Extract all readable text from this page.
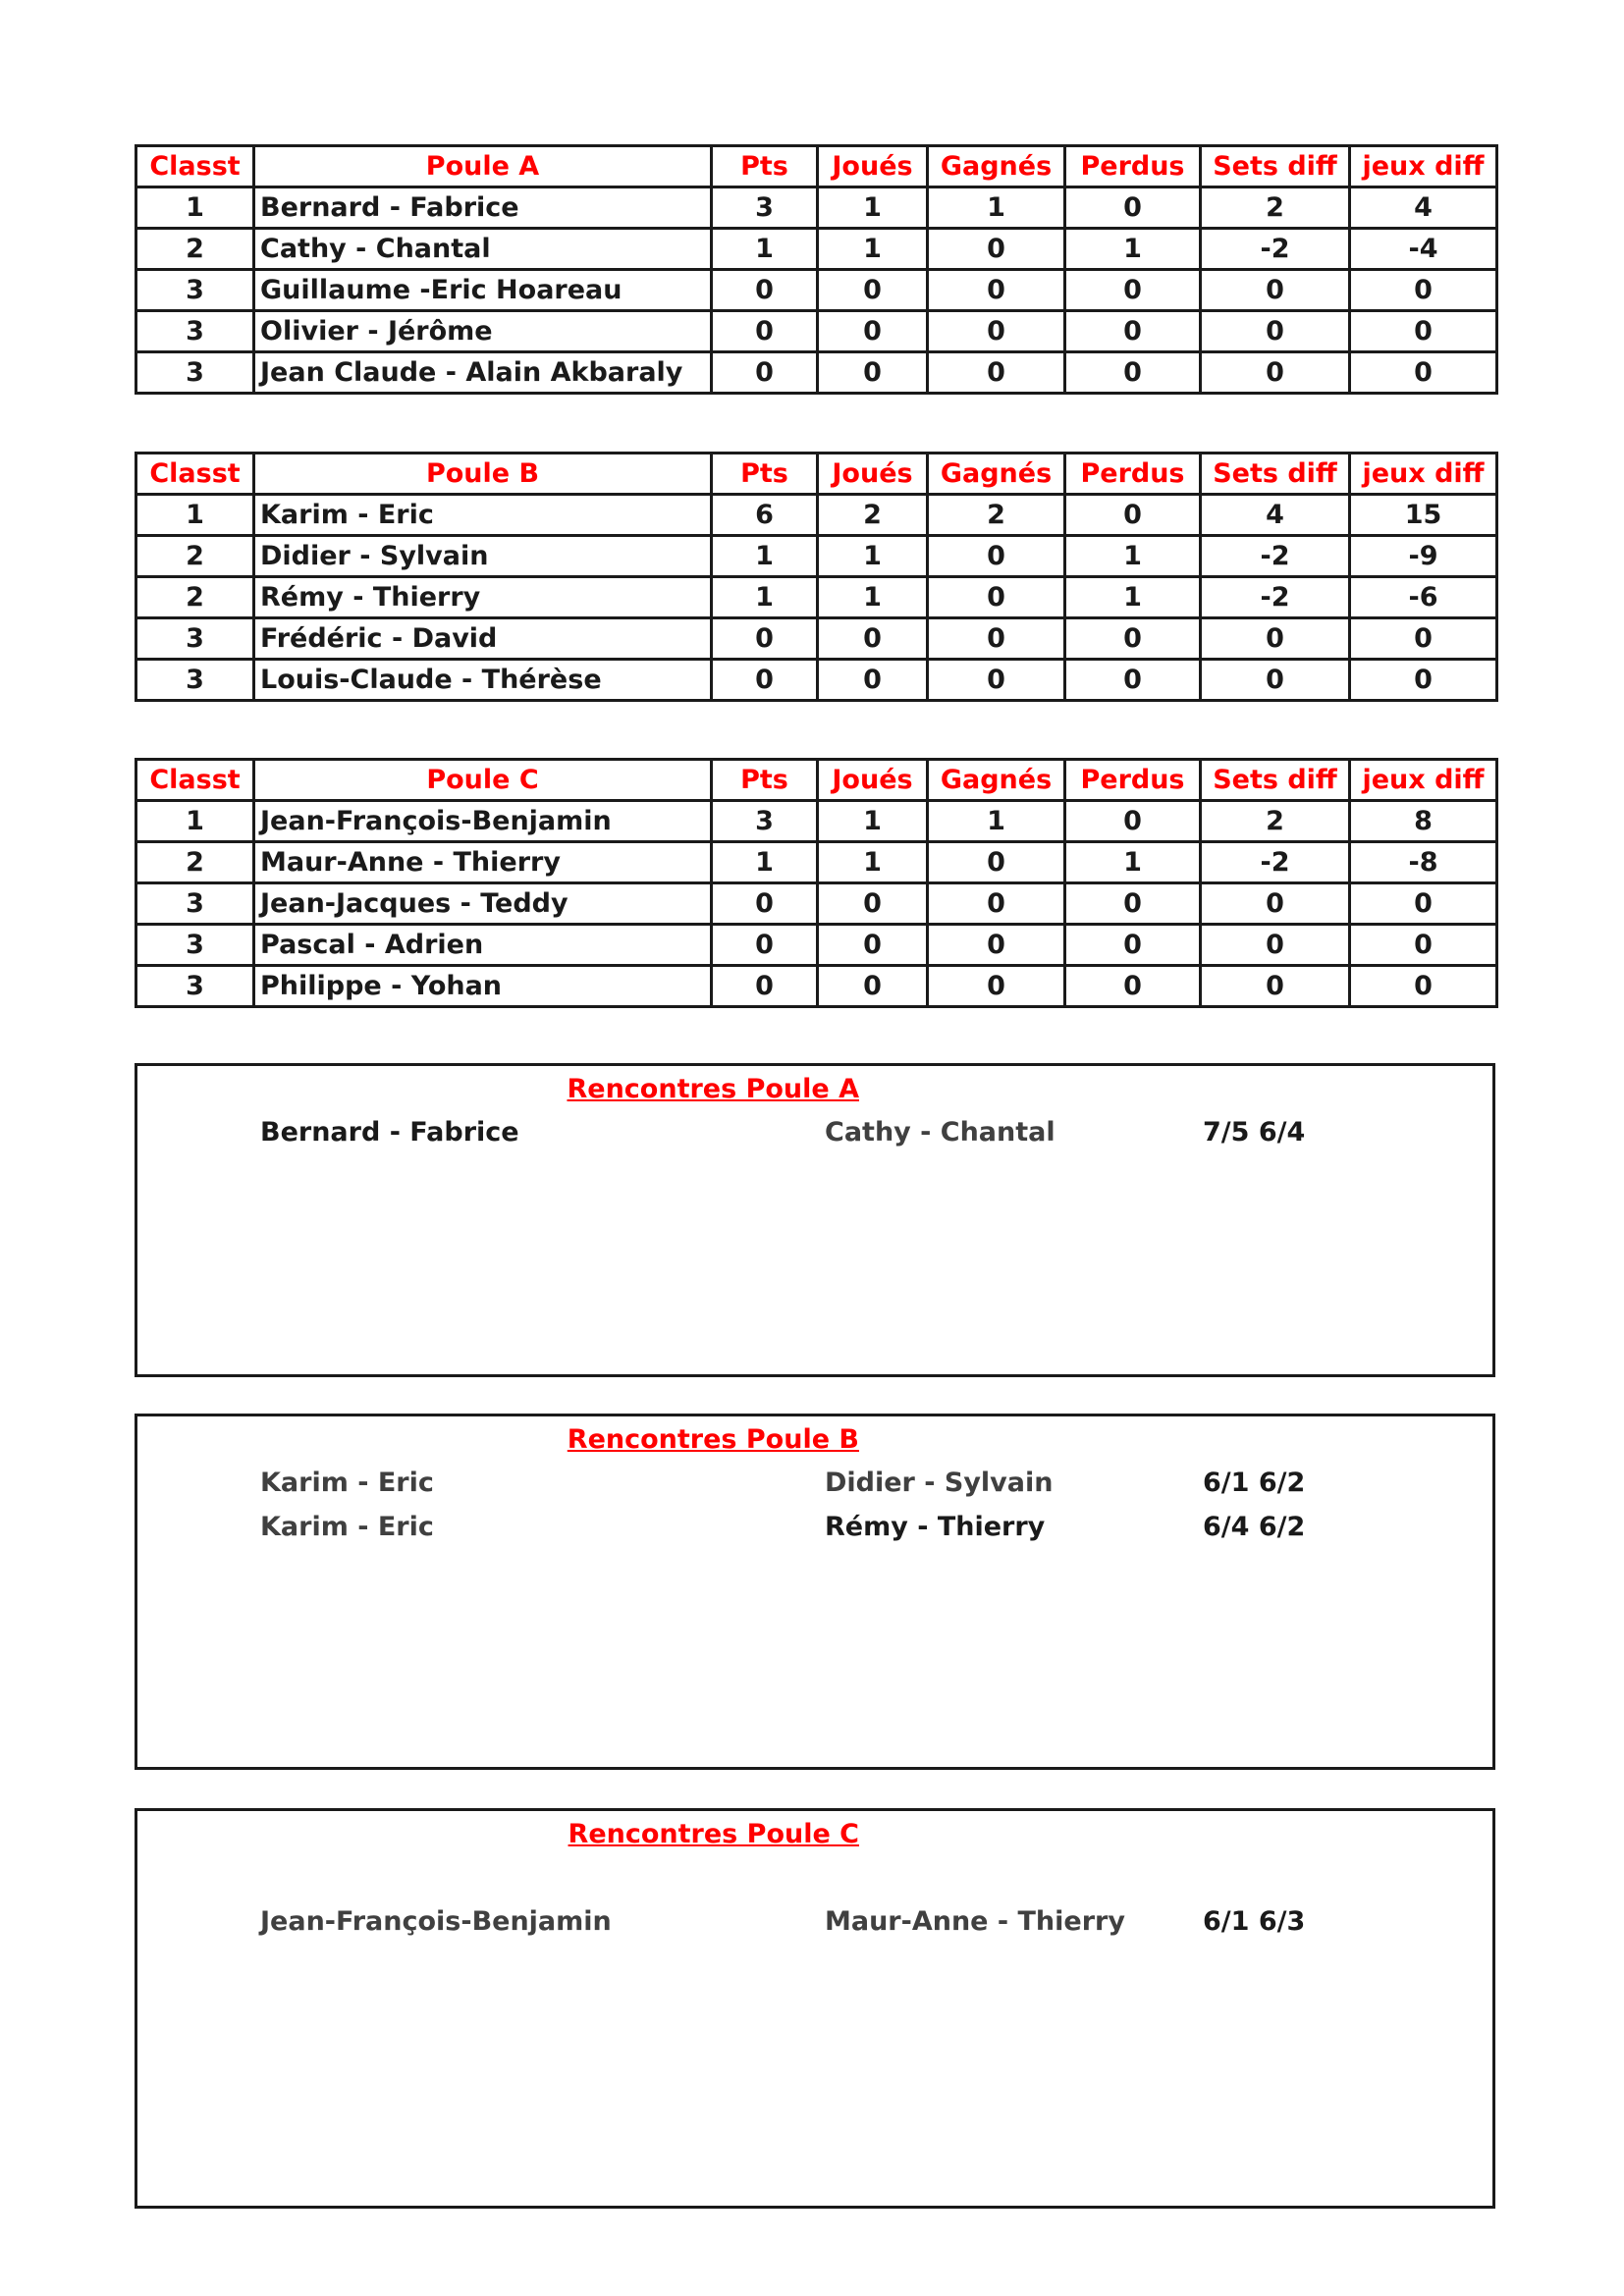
Classt	Poule A	Pts	Joués	Gagnés	Perdus	Sets diff	jeux diff
1	Bernard - Fabrice	3	1	1	0	2	4
2	Cathy - Chantal	1	1	0	1	-2	-4
3	Guillaume -Eric Hoareau	0	0	0	0	0	0
3	Olivier - Jérôme	0	0	0	0	0	0
3	Jean Claude - Alain Akbaraly	0	0	0	0	0	0
Classt	Poule B	Pts	Joués	Gagnés	Perdus	Sets diff	jeux diff
1	Karim - Eric	6	2	2	0	4	15
2	Didier - Sylvain	1	1	0	1	-2	-9
2	Rémy - Thierry	1	1	0	1	-2	-6
3	Frédéric - David	0	0	0	0	0	0
3	Louis-Claude - Thérèse	0	0	0	0	0	0
Classt	Poule C	Pts	Joués	Gagnés	Perdus	Sets diff	jeux diff
1	Jean-François-Benjamin	3	1	1	0	2	8
2	Maur-Anne - Thierry	1	1	0	1	-2	-8
3	Jean-Jacques - Teddy	0	0	0	0	0	0
3	Pascal - Adrien	0	0	0	0	0	0
3	Philippe - Yohan	0	0	0	0	0	0
Rencontres Poule A
Bernard - Fabrice	Cathy - Chantal	7/5 6/4
Rencontres Poule B
Karim - Eric	Didier - Sylvain	6/1 6/2
Karim - Eric	Rémy - Thierry	6/4 6/2
Rencontres Poule C
Jean-François-Benjamin	Maur-Anne - Thierry	6/1 6/3
